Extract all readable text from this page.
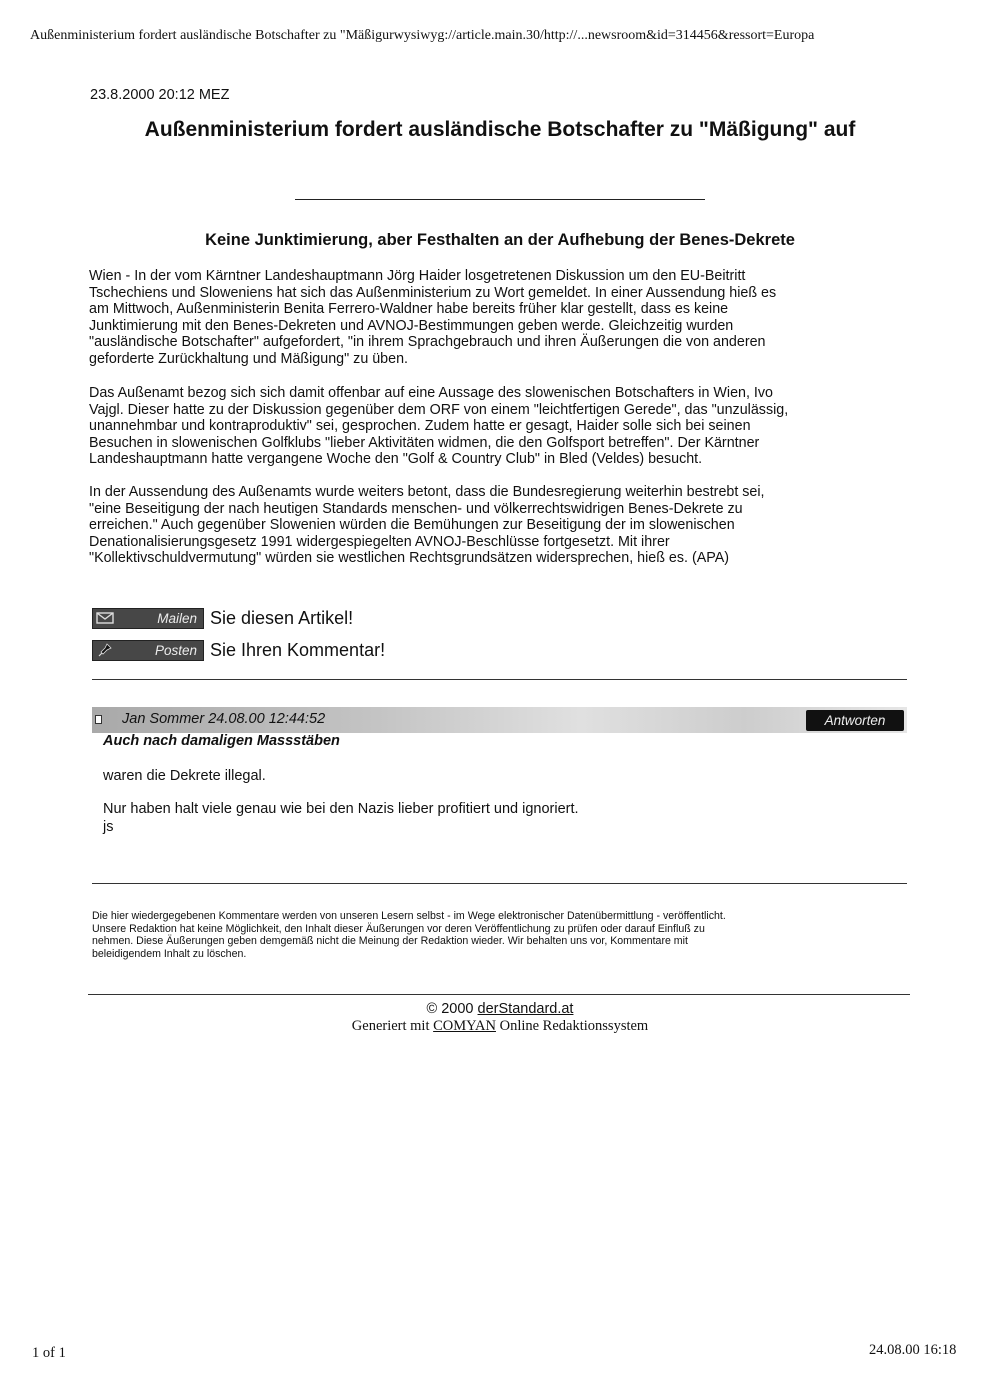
Außenministerium fordert ausländische Botschafter zu "Mäßigurwysiwyg://article.main.30/http://...newsroom&id=314456&ressort=Europa
23.8.2000 20:12 MEZ
Außenministerium fordert ausländische Botschafter zu "Mäßigung" auf
Keine Junktimierung, aber Festhalten an der Aufhebung der Benes-Dekrete
Wien - In der vom Kärntner Landeshauptmann Jörg Haider losgetretenen Diskussion um den EU-Beitritt
Tschechiens und Sloweniens hat sich das Außenministerium zu Wort gemeldet. In einer Aussendung hieß es
am Mittwoch, Außenministerin Benita Ferrero-Waldner habe bereits früher klar gestellt, dass es keine
Junktimierung mit den Benes-Dekreten und AVNOJ-Bestimmungen geben werde. Gleichzeitig wurden
"ausländische Botschafter" aufgefordert, "in ihrem Sprachgebrauch und ihren Äußerungen die von anderen
geforderte Zurückhaltung und Mäßigung" zu üben.
Das Außenamt bezog sich sich damit offenbar auf eine Aussage des slowenischen Botschafters in Wien, Ivo
Vajgl. Dieser hatte zu der Diskussion gegenüber dem ORF von einem "leichtfertigen Gerede", das "unzulässig,
unannehmbar und kontraproduktiv" sei, gesprochen. Zudem hatte er gesagt, Haider solle sich bei seinen
Besuchen in slowenischen Golfklubs "lieber Aktivitäten widmen, die den Golfsport betreffen". Der Kärntner
Landeshauptmann hatte vergangene Woche den "Golf & Country Club" in Bled (Veldes) besucht.
In der Aussendung des Außenamts wurde weiters betont, dass die Bundesregierung weiterhin bestrebt sei,
"eine Beseitigung der nach heutigen Standards menschen- und völkerrechtswidrigen Benes-Dekrete zu
erreichen." Auch gegenüber Slowenien würden die Bemühungen zur Beseitigung der im slowenischen
Denationalisierungsgesetz 1991 widergespiegelten AVNOJ-Beschlüsse fortgesetzt. Mit ihrer
"Kollektivschuldvermutung" würden sie westlichen Rechtsgrundsätzen widersprechen, hieß es. (APA)
Mailen Sie diesen Artikel!
Posten Sie Ihren Kommentar!
Jan Sommer 24.08.00 12:44:52	Antworten
Auch nach damaligen Massstäben
waren die Dekrete illegal.
Nur haben halt viele genau wie bei den Nazis lieber profitiert und ignoriert.
js
Die hier wiedergegebenen Kommentare werden von unseren Lesern selbst - im Wege elektronischer Datenübermittlung - veröffentlicht.
Unsere Redaktion hat keine Möglichkeit, den Inhalt dieser Äußerungen vor deren Veröffentlichung zu prüfen oder darauf Einfluß zu
nehmen. Diese Äußerungen geben demgemäß nicht die Meinung der Redaktion wieder. Wir behalten uns vor, Kommentare mit
beleidigendem Inhalt zu löschen.
© 2000 derStandard.at
Generiert mit COMYAN Online Redaktionssystem
1 of 1	24.08.00 16:18
